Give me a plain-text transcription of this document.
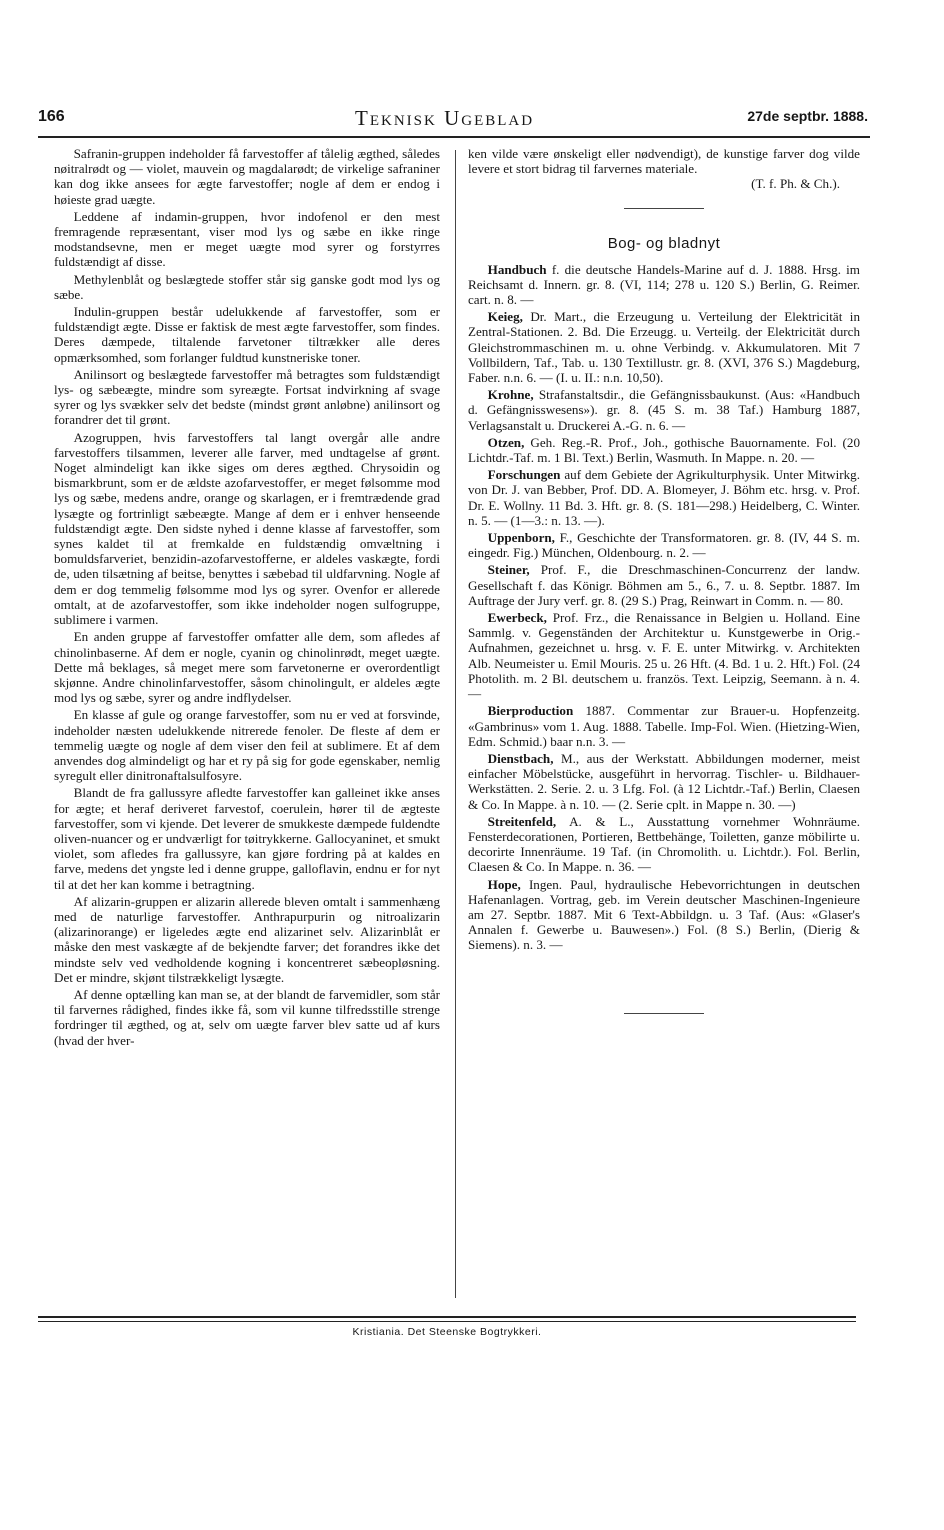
166	Teknisk Ugeblad	27de septbr. 1888.

Safranin-gruppen indeholder få farvestoffer af tålelig ægthed, således nøitralrødt og — violet, mauvein og magdalarødt; de virkelige safraniner kan dog ikke ansees for ægte farvestoffer; nogle af dem er endog i høieste grad uægte.

Leddene af indamin-gruppen, hvor indofenol er den mest fremragende repræsentant, viser mod lys og sæbe en ikke ringe modstandsevne, men er meget uægte mod syrer og forstyrres fuldstændigt af disse.

Methylenblåt og beslægtede stoffer står sig ganske godt mod lys og sæbe.

Indulin-gruppen består udelukkende af farvestoffer, som er fuldstændigt ægte. Disse er faktisk de mest ægte farvestoffer, som findes. Deres dæmpede, tiltalende farvetoner tiltrækker alle deres opmærksomhed, som forlanger fuldtud kunstneriske toner.

Anilinsort og beslægtede farvestoffer må betragtes som fuldstændigt lys- og sæbeægte, mindre som syreægte. Fortsat indvirkning af svage syrer og lys svækker selv det bedste (mindst grønt anløbne) anilinsort og forandrer det til grønt.

Azogruppen, hvis farvestoffers tal langt overgår alle andre farvestoffers tilsammen, leverer alle farver, med undtagelse af grønt. Noget almindeligt kan ikke siges om deres ægthed. Chrysoidin og bismarkbrunt, som er de ældste azofarvestoffer, er meget følsomme mod lys og sæbe, medens andre, orange og skarlagen, er i fremtrædende grad lysægte og fortrinligt sæbeægte. Mange af dem er i enhver henseende fuldstændigt ægte. Den sidste nyhed i denne klasse af farvestoffer, som synes kaldet til at fremkalde en fuldstændig omvæltning i bomuldsfarveriet, benzidin-azofarvestofferne, er aldeles vaskægte, fordi de, uden tilsætning af beitse, benyttes i sæbebad til uldfarvning. Nogle af dem er dog temmelig følsomme mod lys og syrer. Ovenfor er allerede omtalt, at de azofarvestoffer, som ikke indeholder nogen sulfogruppe, sublimere i varmen.

En anden gruppe af farvestoffer omfatter alle dem, som afledes af chinolinbaserne. Af dem er nogle, cyanin og chinolinrødt, meget uægte. Dette må beklages, så meget mere som farvetonerne er overordentligt skjønne. Andre chinolinfarvestoffer, såsom chinolingult, er aldeles ægte mod lys og sæbe, syrer og andre indflydelser.

En klasse af gule og orange farvestoffer, som nu er ved at forsvinde, indeholder næsten udelukkende nitrerede fenoler. De fleste af dem er temmelig uægte og nogle af dem viser den feil at sublimere. Et af dem anvendes dog almindeligt og har et ry på sig for gode egenskaber, nemlig syregult eller dinitronaftalsulfosyre.

Blandt de fra gallussyre afledte farvestoffer kan galleinet ikke anses for ægte; et heraf deriveret farvestof, coerulein, hører til de ægteste farvestoffer, som vi kjende. Det leverer de smukkeste dæmpede fuldendte oliven-nuancer og er undværligt for tøitrykkerne. Gallocyaninet, et smukt violet, som afledes fra gallussyre, kan gjøre fordring på at kaldes en farve, medens det yngste led i denne gruppe, galloflavin, endnu er for nyt til at det her kan komme i betragtning.

Af alizarin-gruppen er alizarin allerede bleven omtalt i sammenhæng med de naturlige farvestoffer. Anthrapurpurin og nitroalizarin (alizarinorange) er ligeledes ægte end alizarinet selv. Alizarinblåt er måske den mest vaskægte af de bekjendte farver; det forandres ikke det mindste selv ved vedholdende kogning i koncentreret sæbeopløsning. Det er mindre, skjønt tilstrækkeligt lysægte.

Af denne optælling kan man se, at der blandt de farvemidler, som står til farvernes rådighed, findes ikke få, som vil kunne tilfredsstille strenge fordringer til ægthed, og at, selv om uægte farver blev satte ud af kurs (hvad der hver-

ken vilde være ønskeligt eller nødvendigt), de kunstige farver dog vilde levere et stort bidrag til farvernes materiale.

(T. f. Ph. & Ch.).
Bog- og bladnyt

Handbuch f. die deutsche Handels-Marine auf d. J. 1888. Hrsg. im Reichsamt d. Innern. gr. 8. (VI, 114; 278 u. 120 S.) Berlin, G. Reimer. cart. n. 8. —

Keieg, Dr. Mart., die Erzeugung u. Verteilung der Elektricität in Zentral-Stationen. 2. Bd. Die Erzeugg. u. Verteilg. der Elektricität durch Gleichstrommaschinen m. u. ohne Verbindg. v. Akkumulatoren. Mit 7 Vollbildern, Taf., Tab. u. 130 Textillustr. gr. 8. (XVI, 376 S.) Magdeburg, Faber. n.n. 6. — (I. u. II.: n.n. 10,50).

Krohne, Strafanstaltsdir., die Gefängnissbaukunst. (Aus: «Handbuch d. Gefängnisswesens»). gr. 8. (45 S. m. 38 Taf.) Hamburg 1887, Verlagsanstalt u. Druckerei A.-G. n. 6. —

Otzen, Geh. Reg.-R. Prof., Joh., gothische Bauornamente. Fol. (20 Lichtdr.-Taf. m. 1 Bl. Text.) Berlin, Wasmuth. In Mappe. n. 20. —

Forschungen auf dem Gebiete der Agrikulturphysik. Unter Mitwirkg. von Dr. J. van Bebber, Prof. DD. A. Blomeyer, J. Böhm etc. hrsg. v. Prof. Dr. E. Wollny. 11 Bd. 3. Hft. gr. 8. (S. 181—298.) Heidelberg, C. Winter. n. 5. — (1—3.: n. 13. —).

Uppenborn, F., Geschichte der Transformatoren. gr. 8. (IV, 44 S. m. eingedr. Fig.) München, Oldenbourg. n. 2. —

Steiner, Prof. F., die Dreschmaschinen-Concurrenz der landw. Gesellschaft f. das Königr. Böhmen am 5., 6., 7. u. 8. Septbr. 1887. Im Auftrage der Jury verf. gr. 8. (29 S.) Prag, Reinwart in Comm. n. — 80.

Ewerbeck, Prof. Frz., die Renaissance in Belgien u. Holland. Eine Sammlg. v. Gegenständen der Architektur u. Kunstgewerbe in Orig.-Aufnahmen, gezeichnet u. hrsg. v. F. E. unter Mitwirkg. v. Architekten Alb. Neumeister u. Emil Mouris. 25 u. 26 Hft. (4. Bd. 1 u. 2. Hft.) Fol. (24 Photolith. m. 2 Bl. deutschem u. französ. Text. Leipzig, Seemann. à n. 4. —

Bierproduction 1887. Commentar zur Brauer-u. Hopfenzeitg. «Gambrinus» vom 1. Aug. 1888. Tabelle. Imp-Fol. Wien. (Hietzing-Wien, Edm. Schmid.) baar n.n. 3. —

Dienstbach, M., aus der Werkstatt. Abbildungen moderner, meist einfacher Möbelstücke, ausgeführt in hervorrag. Tischler- u. Bildhauer-Werkstätten. 2. Serie. 2. u. 3 Lfg. Fol. (à 12 Lichtdr.-Taf.) Berlin, Claesen & Co. In Mappe. à n. 10. — (2. Serie cplt. in Mappe n. 30. —)

Streitenfeld, A. & L., Ausstattung vornehmer Wohnräume. Fensterdecorationen, Portieren, Bettbehänge, Toiletten, ganze möbilirte u. decorirte Innenräume. 19 Taf. (in Chromolith. u. Lichtdr.). Fol. Berlin, Claesen & Co. In Mappe. n. 36. —

Hope, Ingen. Paul, hydraulische Hebevorrichtungen in deutschen Hafenanlagen. Vortrag, geb. im Verein deutscher Maschinen-Ingenieure am 27. Septbr. 1887. Mit 6 Text-Abbildgn. u. 3 Taf. (Aus: «Glaser's Annalen f. Gewerbe u. Bauwesen».) Fol. (8 S.) Berlin, (Dierig & Siemens). n. 3. —

Kristiania. Det Steenske Bogtrykkeri.
